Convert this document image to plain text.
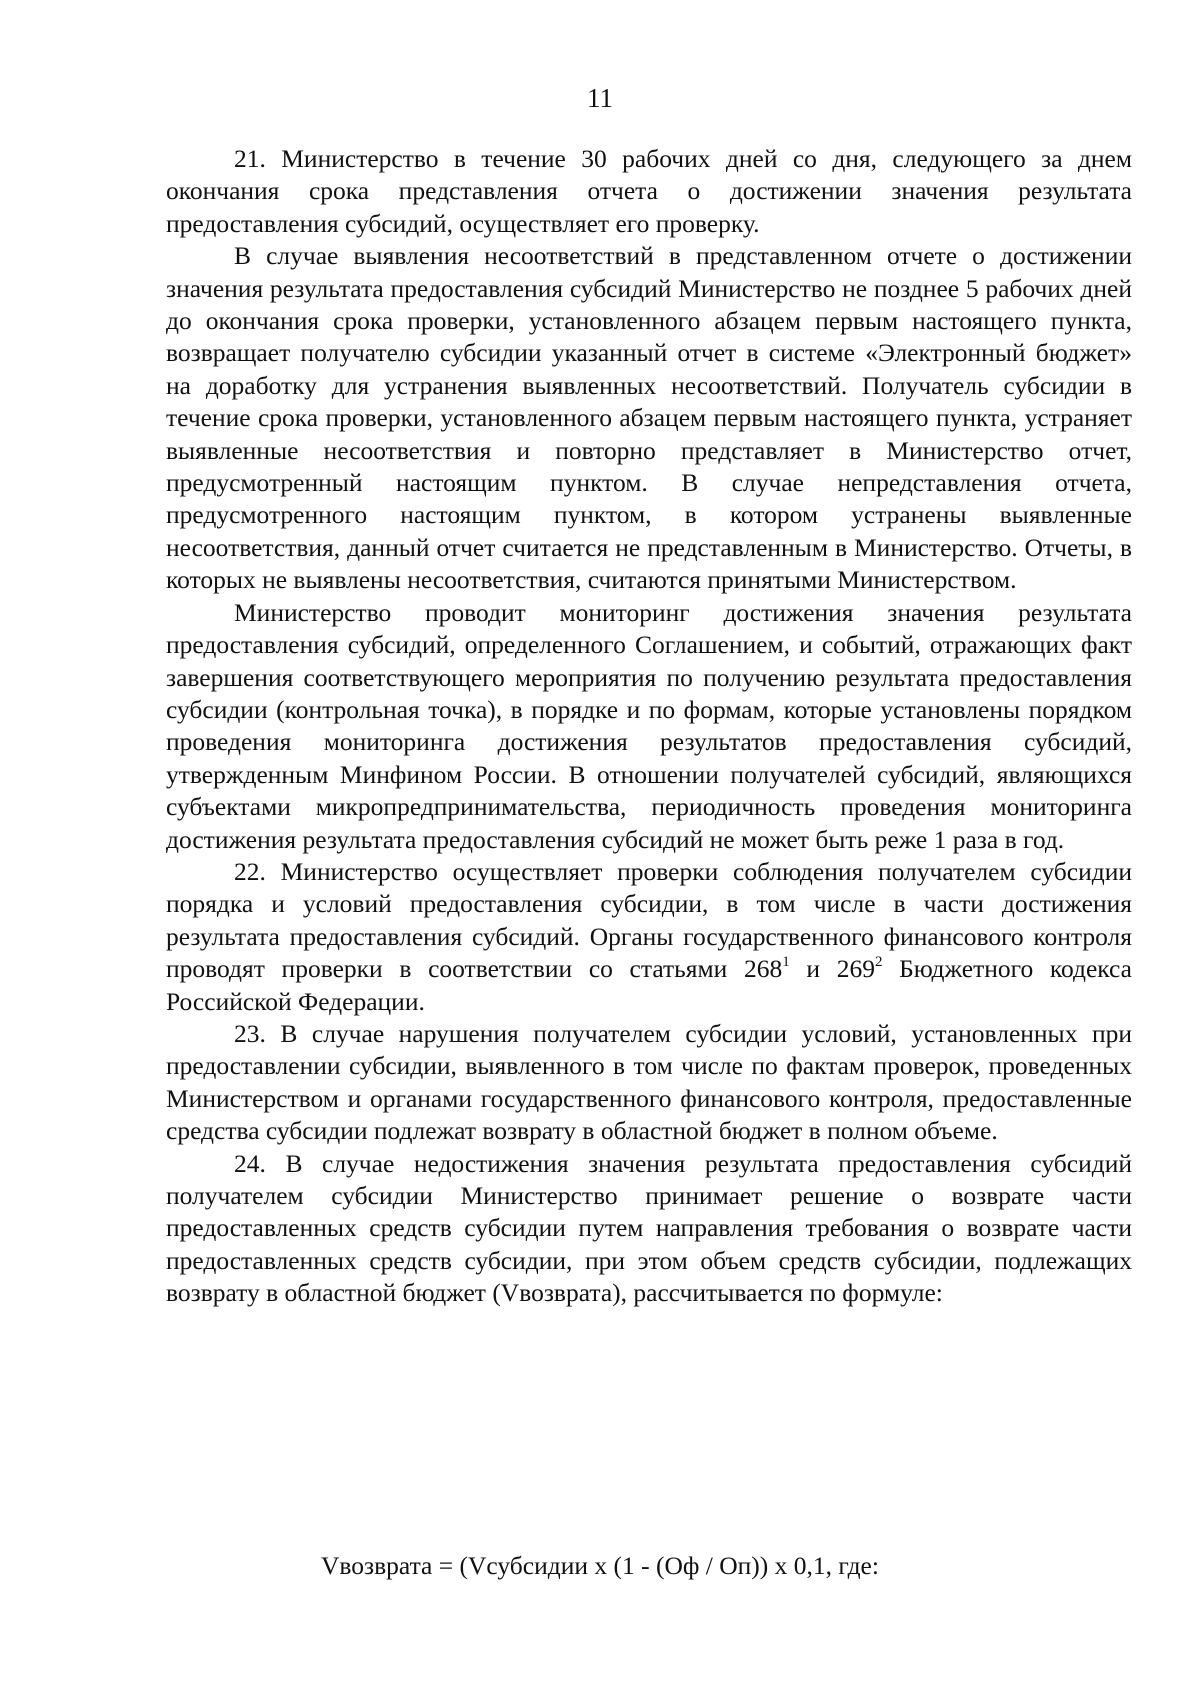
11

21. Министерство в течение 30 рабочих дней со дня, следующего за днем окончания срока представления отчета о достижении значения результата предоставления субсидий, осуществляет его проверку.

В случае выявления несоответствий в представленном отчете о достижении значения результата предоставления субсидий Министерство не позднее 5 рабочих дней до окончания срока проверки, установленного абзацем первым настоящего пункта, возвращает получателю субсидии указанный отчет в системе «Электронный бюджет» на доработку для устранения выявленных несоответствий. Получатель субсидии в течение срока проверки, установленного абзацем первым настоящего пункта, устраняет выявленные несоответствия и повторно представляет в Министерство отчет, предусмотренный настоящим пунктом. В случае непредставления отчета, предусмотренного настоящим пунктом, в котором устранены выявленные несоответствия, данный отчет считается не представленным в Министерство. Отчеты, в которых не выявлены несоответствия, считаются принятыми Министерством.

Министерство проводит мониторинг достижения значения результата предоставления субсидий, определенного Соглашением, и событий, отражающих факт завершения соответствующего мероприятия по получению результата предоставления субсидии (контрольная точка), в порядке и по формам, которые установлены порядком проведения мониторинга достижения результатов предоставления субсидий, утвержденным Минфином России. В отношении получателей субсидий, являющихся субъектами микропредпринимательства, периодичность проведения мониторинга достижения результата предоставления субсидий не может быть реже 1 раза в год.

22. Министерство осуществляет проверки соблюдения получателем субсидии порядка и условий предоставления субсидии, в том числе в части достижения результата предоставления субсидий. Органы государственного финансового контроля проводят проверки в соответствии со статьями $268^1$ и $269^2$ Бюджетного кодекса Российской Федерации.

23. В случае нарушения получателем субсидии условий, установленных при предоставлении субсидии, выявленного в том числе по фактам проверок, проведенных Министерством и органами государственного финансового контроля, предоставленные средства субсидии подлежат возврату в областной бюджет в полном объеме.

24. В случае недостижения значения результата предоставления субсидий получателем субсидии Министерство принимает решение о возврате части предоставленных средств субсидии путем направления требования о возврате части предоставленных средств субсидии, при этом объем средств субсидии, подлежащих возврату в областной бюджет (Vвозврата), рассчитывается по формуле:

Vвозврата = (Vсубсидии x (1 - (Оф / Оп)) x 0,1, где:
